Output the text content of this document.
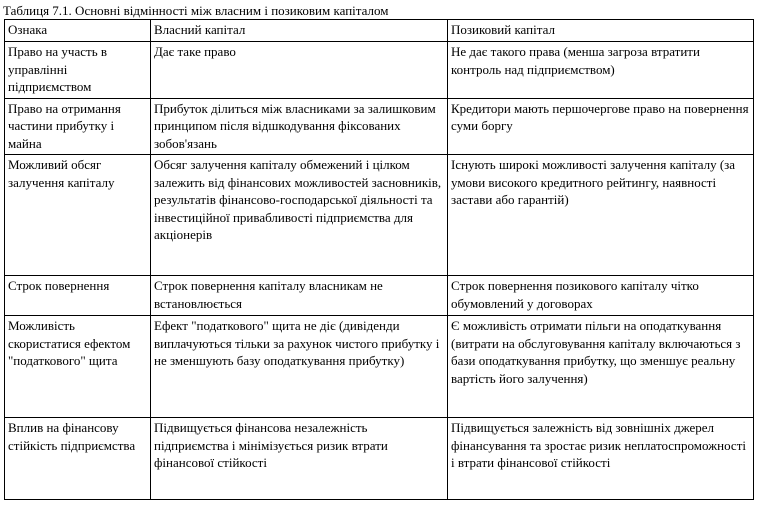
Таблиця 7.1. Основні відмінності між власним і позиковим капіталом

Ознака	Власний капітал	Позиковий капітал
Право на участь в управлінні підприємством	Дає таке право	Не дає такого права (менша загроза втратити контроль над підприємством)
Право на отримання частини прибутку і майна	Прибуток ділиться між власниками за залишковим принципом після відшкодування фіксованих зобов'язань	Кредитори мають першочергове право на повернення суми боргу
Можливий обсяг залучення капіталу	Обсяг залучення капіталу обмежений і цілком залежить від фінансових можливостей засновників, результатів фінансово-господарської діяльності та інвестиційної привабливості підприємства для акціонерів	Існують широкі можливості залучення капіталу (за умови високого кредитного рейтингу, наявності застави або гарантій)
Строк повернення	Строк повернення капіталу власникам не встановлюється	Строк повернення позикового капіталу чітко обумовлений у договорах
Можливість скористатися ефектом "податкового" щита	Ефект "податкового" щита не діє (дивіденди виплачуються тільки за рахунок чистого прибутку і не зменшують базу оподаткування прибутку)	Є можливість отримати пільги на оподаткування (витрати на обслуговування капіталу включаються з бази оподаткування прибутку, що зменшує реальну вартість його залучення)
Вплив на фінансову стійкість підприємства	Підвищується фінансова незалежність підприємства і мінімізується ризик втрати фінансової стійкості	Підвищується залежність від зовнішніх джерел фінансування та зростає ризик неплатоспроможності і втрати фінансової стійкості
